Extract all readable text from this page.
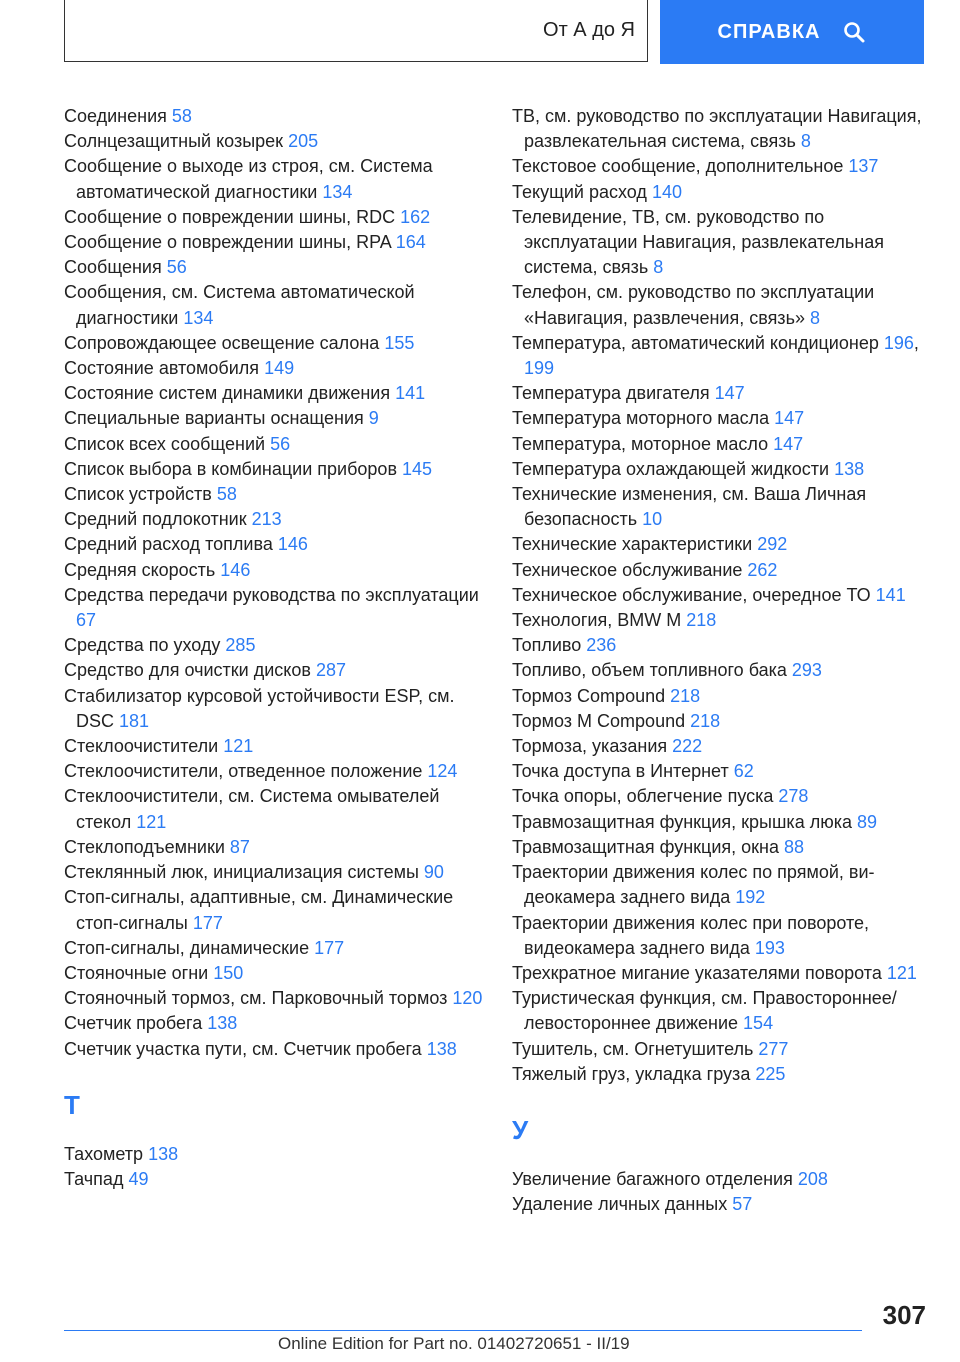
От А до Я	СПРАВКА
Соединения 58
Солнцезащитный козырек 205
Сообщение о выходе из строя, см. Система автоматической диагностики 134
Сообщение о повреждении шины, RDC 162
Сообщение о повреждении шины, RPA 164
Сообщения 56
Сообщения, см. Система автоматической диагностики 134
Сопровождающее освещение салона 155
Состояние автомобиля 149
Состояние систем динамики движения 141
Специальные варианты оснащения 9
Список всех сообщений 56
Список выбора в комбинации приборов 145
Список устройств 58
Средний подлокотник 213
Средний расход топлива 146
Средняя скорость 146
Средства передачи руководства по эксплуатации 67
Средства по уходу 285
Средство для очистки дисков 287
Стабилизатор курсовой устойчивости ESP, см. DSC 181
Стеклоочистители 121
Стеклоочистители, отведенное положение 124
Стеклоочистители, см. Система омывателей стекол 121
Стеклоподъемники 87
Стеклянный люк, инициализация системы 90
Стоп-сигналы, адаптивные, см. Динамические стоп-сигналы 177
Стоп-сигналы, динамические 177
Стояночные огни 150
Стояночный тормоз, см. Парковочный тормоз 120
Счетчик пробега 138
Счетчик участка пути, см. Счетчик пробега 138
Т
Тахометр 138
Тачпад 49
ТВ, см. руководство по эксплуатации Навигация, развлекательная система, связь 8
Текстовое сообщение, дополнительное 137
Текущий расход 140
Телевидение, ТВ, см. руководство по эксплуатации Навигация, развлекательная система, связь 8
Телефон, см. руководство по эксплуатации «Навигация, развлечения, связь» 8
Температура, автоматический кондиционер 196, 199
Температура двигателя 147
Температура моторного масла 147
Температура, моторное масло 147
Температура охлаждающей жидкости 138
Технические изменения, см. Ваша Личная безопасность 10
Технические характеристики 292
Техническое обслуживание 262
Техническое обслуживание, очередное ТО 141
Технология, BMW M 218
Топливо 236
Топливо, объем топливного бака 293
Тормоз Compound 218
Тормоз M Compound 218
Тормоза, указания 222
Точка доступа в Интернет 62
Точка опоры, облегчение пуска 278
Травмозащитная функция, крышка люка 89
Травмозащитная функция, окна 88
Траектории движения колес по прямой, видеокамера заднего вида 192
Траектории движения колес при повороте, видеокамера заднего вида 193
Трехкратное мигание указателями поворота 121
Туристическая функция, см. Правостороннее/ левостороннее движение 154
Тушитель, см. Огнетушитель 277
Тяжелый груз, укладка груза 225
У
Увеличение багажного отделения 208
Удаление личных данных 57
307
Online Edition for Part no. 01402720651 - II/19
